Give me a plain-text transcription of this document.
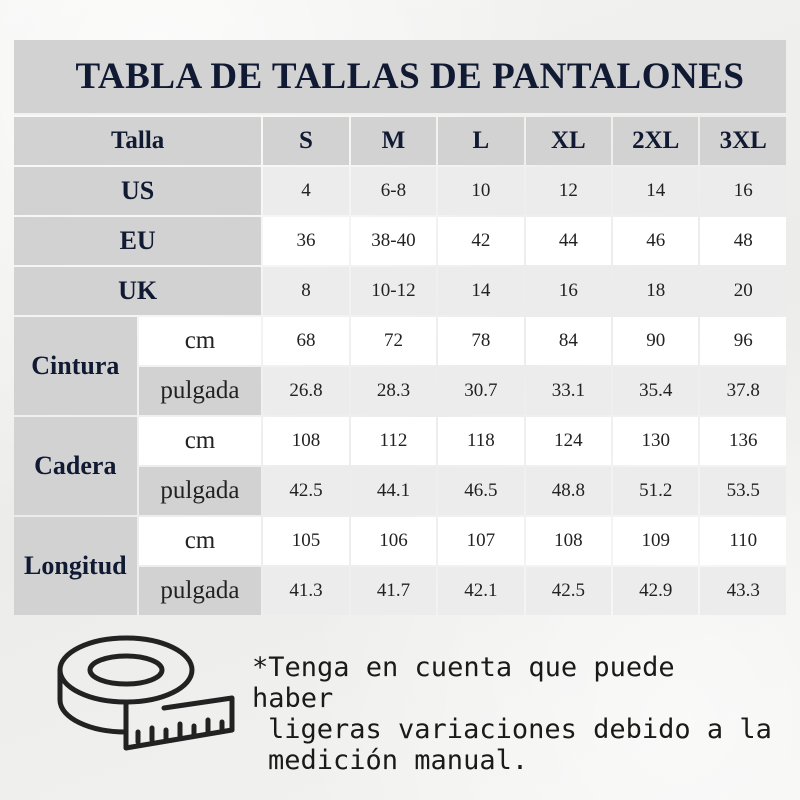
TABLA DE TALLAS DE PANTALONES
Talla		S	M	L	XL	2XL	3XL
US		4	6-8	10	12	14	16
EU		36	38-40	42	44	46	48
UK		8	10-12	14	16	18	20
Cintura	cm	68	72	78	84	90	96
	pulgada	26.8	28.3	30.7	33.1	35.4	37.8
Cadera	cm	108	112	118	124	130	136
	pulgada	42.5	44.1	46.5	48.8	51.2	53.5
Longitud	cm	105	106	107	108	109	110
	pulgada	41.3	41.7	42.1	42.5	42.9	43.3
*Tenga en cuenta que puede haber
ligeras variaciones debido a la
medición manual.
